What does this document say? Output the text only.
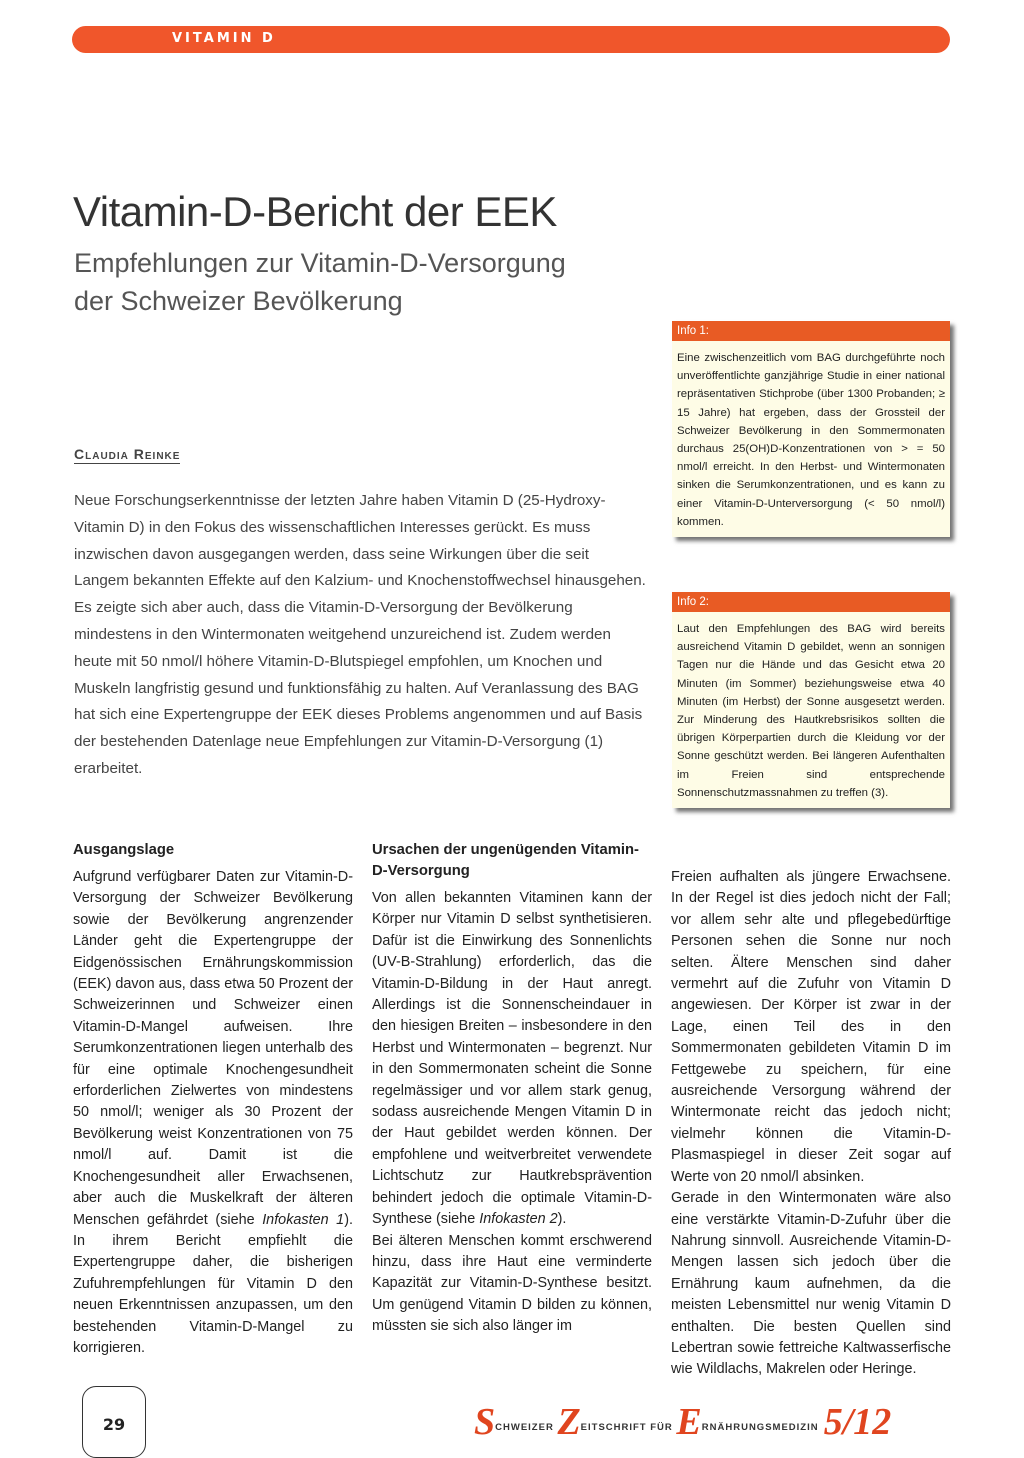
VITAMIN D
Vitamin-D-Bericht der EEK
Empfehlungen zur Vitamin-D-Versorgung
der Schweizer Bevölkerung
Claudia Reinke
Neue Forschungserkenntnisse der letzten Jahre haben Vitamin D (25-Hydroxy-Vitamin D) in den Fokus des wissenschaftlichen Interesses gerückt. Es muss inzwischen davon ausgegangen werden, dass seine Wirkungen über die seit Langem bekannten Effekte auf den Kalzium- und Knochenstoffwechsel hinausgehen. Es zeigte sich aber auch, dass die Vitamin-D-Versorgung der Bevölkerung mindestens in den Wintermonaten weitgehend unzureichend ist. Zudem werden heute mit 50 nmol/l höhere Vitamin-D-Blutspiegel empfohlen, um Knochen und Muskeln langfristig gesund und funktionsfähig zu halten. Auf Veranlassung des BAG hat sich eine Expertengruppe der EEK dieses Problems angenommen und auf Basis der bestehenden Datenlage neue Empfehlungen zur Vitamin-D-Versorgung (1) erarbeitet.
Info 1:
Eine zwischenzeitlich vom BAG durchgeführte noch unveröffentlichte ganzjährige Studie in einer national repräsentativen Stichprobe (über 1300 Probanden; ≥ 15 Jahre) hat ergeben, dass der Grossteil der Schweizer Bevölkerung in den Sommermonaten durchaus 25(OH)D-Konzentrationen von > = 50 nmol/l erreicht. In den Herbst- und Wintermonaten sinken die Serumkonzentrationen, und es kann zu einer Vitamin-D-Unterversorgung (< 50 nmol/l) kommen.
Info 2:
Laut den Empfehlungen des BAG wird bereits ausreichend Vitamin D gebildet, wenn an sonnigen Tagen nur die Hände und das Gesicht etwa 20 Minuten (im Sommer) beziehungsweise etwa 40 Minuten (im Herbst) der Sonne ausgesetzt werden. Zur Minderung des Hautkrebsrisikos sollten die übrigen Körperpartien durch die Kleidung vor der Sonne geschützt werden. Bei längeren Aufenthalten im Freien sind entsprechende Sonnenschutzmassnahmen zu treffen (3).
Ausgangslage

Aufgrund verfügbarer Daten zur Vitamin-D-Versorgung der Schweizer Bevölkerung sowie der Bevölkerung angrenzender Länder geht die Expertengruppe der Eidgenössischen Ernährungskommission (EEK) davon aus, dass etwa 50 Prozent der Schweizerinnen und Schweizer einen Vitamin-D-Mangel aufweisen. Ihre Serumkonzentrationen liegen unterhalb des für eine optimale Knochengesundheit erforderlichen Zielwertes von mindestens 50 nmol/l; weniger als 30 Prozent der Bevölkerung weist Konzentrationen von 75 nmol/l auf. Damit ist die Knochengesundheit aller Erwachsenen, aber auch die Muskelkraft der älteren Menschen gefährdet (siehe Infokasten 1). In ihrem Bericht empfiehlt die Expertengruppe daher, die bisherigen Zufuhrempfehlungen für Vitamin D den neuen Erkenntnissen anzupassen, um den bestehenden Vitamin-D-Mangel zu korrigieren.

Ursachen der ungenügenden Vitamin-D-Versorgung

Von allen bekannten Vitaminen kann der Körper nur Vitamin D selbst synthetisieren. Dafür ist die Einwirkung des Sonnenlichts (UV-B-Strahlung) erforderlich, das die Vitamin-D-Bildung in der Haut anregt. Allerdings ist die Sonnenscheindauer in den hiesigen Breiten – insbesondere in den Herbst und Wintermonaten – begrenzt. Nur in den Sommermonaten scheint die Sonne regelmässiger und vor allem stark genug, sodass ausreichende Mengen Vitamin D in der Haut gebildet werden können. Der empfohlene und weitverbreitet verwendete Lichtschutz zur Hautkrebsprävention behindert jedoch die optimale Vitamin-D-Synthese (siehe Infokasten 2).

Bei älteren Menschen kommt erschwerend hinzu, dass ihre Haut eine verminderte Kapazität zur Vitamin-D-Synthese besitzt. Um genügend Vitamin D bilden zu können, müssten sie sich also länger im

Freien aufhalten als jüngere Erwachsene. In der Regel ist dies jedoch nicht der Fall; vor allem sehr alte und pflegebedürftige Personen sehen die Sonne nur noch selten. Ältere Menschen sind daher vermehrt auf die Zufuhr von Vitamin D angewiesen. Der Körper ist zwar in der Lage, einen Teil des in den Sommermonaten gebildeten Vitamin D im Fettgewebe zu speichern, für eine ausreichende Versorgung während der Wintermonate reicht das jedoch nicht; vielmehr können die Vitamin-D-Plasmaspiegel in dieser Zeit sogar auf Werte von 20 nmol/l absinken.

Gerade in den Wintermonaten wäre also eine verstärkte Vitamin-D-Zufuhr über die Nahrung sinnvoll. Ausreichende Vitamin-D-Mengen lassen sich jedoch über die Ernährung kaum aufnehmen, da die meisten Lebensmittel nur wenig Vitamin D enthalten. Die besten Quellen sind Lebertran sowie fettreiche Kaltwasserfische wie Wildlachs, Makrelen oder Heringe.

29	$S^{CHWEIZER}$ $Z^{EITSCHRIFT FÜR}$ $E^{RNÄHRUNGSMEDIZIN}$ 5/12
